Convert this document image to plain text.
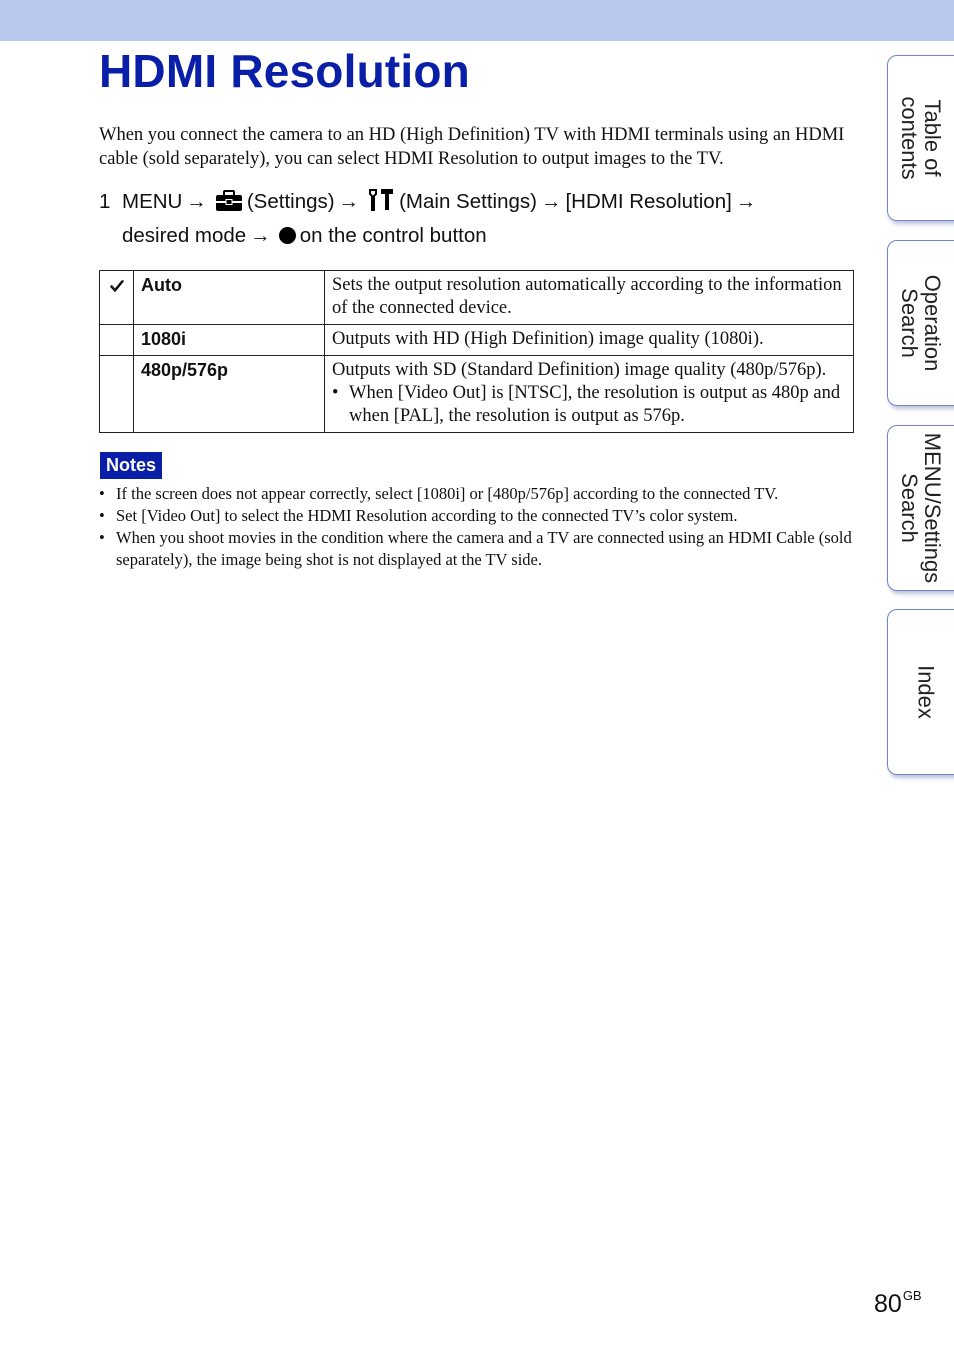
HDMI Resolution

When you connect the camera to an HD (High Definition) TV with HDMI terminals using an HDMI cable (sold separately), you can select HDMI Resolution to output images to the TV.

1 MENU → (Settings) → (Main Settings) → [HDMI Resolution] →
desired mode → on the control button
	Auto	Sets the output resolution automatically according to the information of the connected device.
	1080i	Outputs with HD (High Definition) image quality (1080i).
	480p/576p	Outputs with SD (Standard Definition) image quality (480p/576p).
• When [Video Out] is [NTSC], the resolution is output as 480p and when [PAL], the resolution is output as 576p.
Notes
• If the screen does not appear correctly, select [1080i] or [480p/576p] according to the connected TV.
• Set [Video Out] to select the HDMI Resolution according to the connected TV’s color system.
• When you shoot movies in the condition where the camera and a TV are connected using an HDMI Cable (sold separately), the image being shot is not displayed at the TV side.
Table of
contents
Operation
Search
MENU/Settings
Search
Index
$80^{GB}$
